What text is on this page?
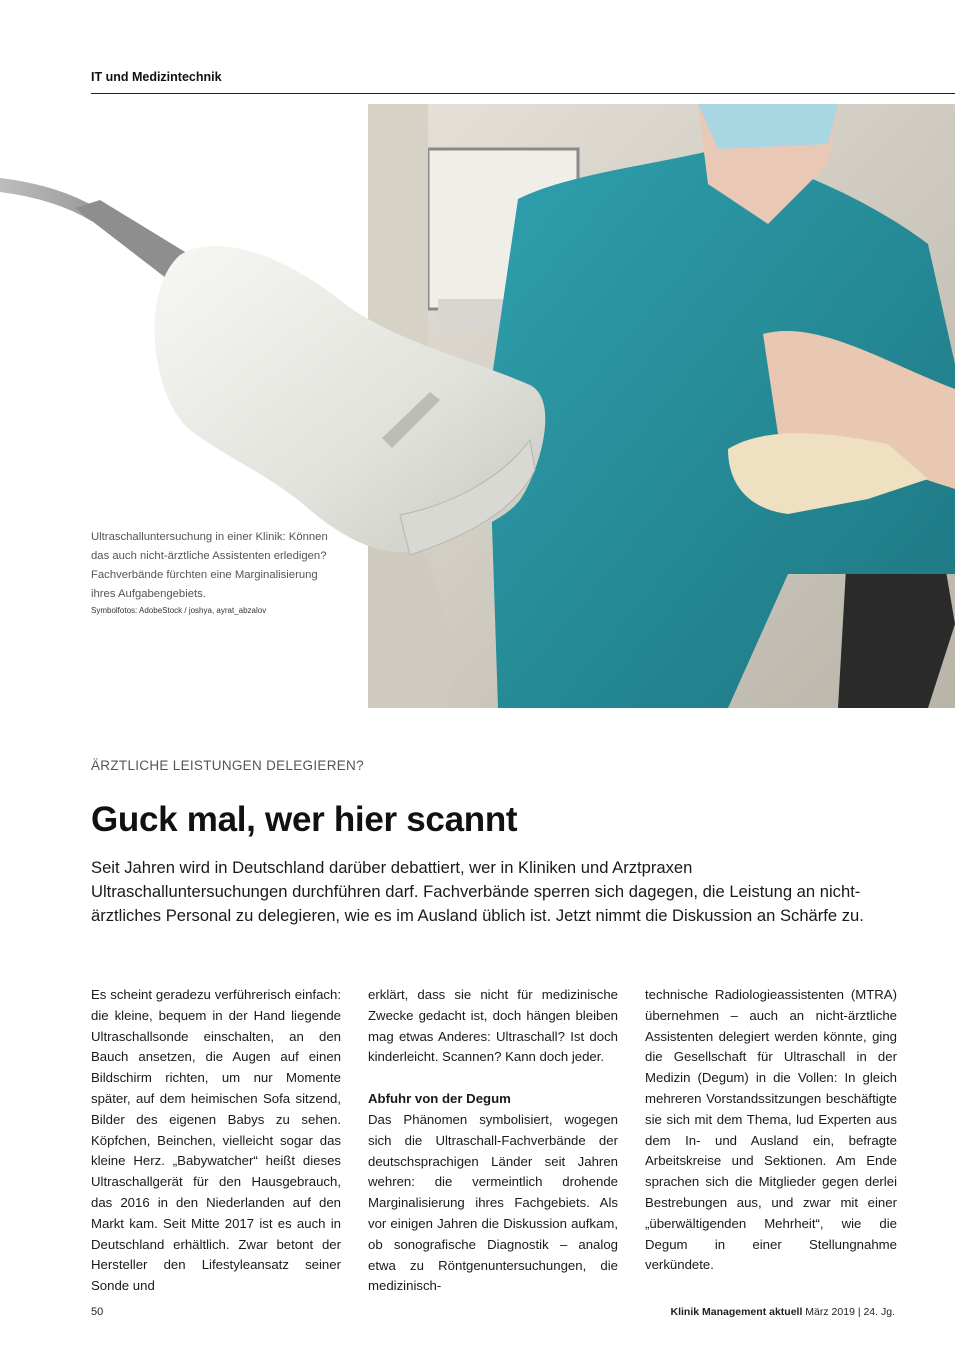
IT und Medizintechnik
Ultraschalluntersuchung in einer Klinik: Können das auch nicht-ärztliche Assistenten erledigen? Fachverbände fürchten eine Marginalisierung ihres Aufgabengebiets.
Symbolfotos: AdobeStock / joshya, ayrat_abzalov
ÄRZTLICHE LEISTUNGEN DELEGIEREN?
Guck mal, wer hier scannt
Seit Jahren wird in Deutschland darüber debattiert, wer in Kliniken und Arztpraxen Ultraschalluntersuchungen durchführen darf. Fachverbände sperren sich dagegen, die Leistung an nicht-ärztliches Personal zu delegieren, wie es im Ausland üblich ist. Jetzt nimmt die Diskussion an Schärfe zu.

Es scheint geradezu verführerisch einfach: die kleine, bequem in der Hand liegende Ultraschallsonde einschalten, an den Bauch ansetzen, die Augen auf einen Bildschirm richten, um nur Momente später, auf dem heimischen Sofa sitzend, Bilder des eigenen Babys zu sehen. Köpfchen, Beinchen, vielleicht sogar das kleine Herz. „Babywatcher“ heißt dieses Ultraschallgerät für den Hausgebrauch, das 2016 in den Niederlanden auf den Markt kam. Seit Mitte 2017 ist es auch in Deutschland erhältlich. Zwar betont der Hersteller den Lifestyleansatz seiner Sonde und

erklärt, dass sie nicht für medizinische Zwecke gedacht ist, doch hängen bleiben mag etwas Anderes: Ultraschall? Ist doch kinderleicht. Scannen? Kann doch jeder.

Abfuhr von der Degum

Das Phänomen symbolisiert, wogegen sich die Ultraschall-Fachverbände der deutschsprachigen Länder seit Jahren wehren: die vermeintlich drohende Marginalisierung ihres Fachgebiets. Als vor einigen Jahren die Diskussion aufkam, ob sonografische Diagnostik – analog etwa zu Röntgenuntersuchungen, die medizinisch-

technische Radiologieassistenten (MTRA) übernehmen – auch an nicht-ärztliche Assistenten delegiert werden könnte, ging die Gesellschaft für Ultraschall in der Medizin (Degum) in die Vollen: In gleich mehreren Vorstandssitzungen beschäftigte sie sich mit dem Thema, lud Experten aus dem In- und Ausland ein, befragte Arbeitskreise und Sektionen. Am Ende sprachen sich die Mitglieder gegen derlei Bestrebungen aus, und zwar mit einer „überwältigenden Mehrheit“, wie die Degum in einer Stellungnahme verkündete.

50	Klinik Management aktuell März 2019 | 24. Jg.
